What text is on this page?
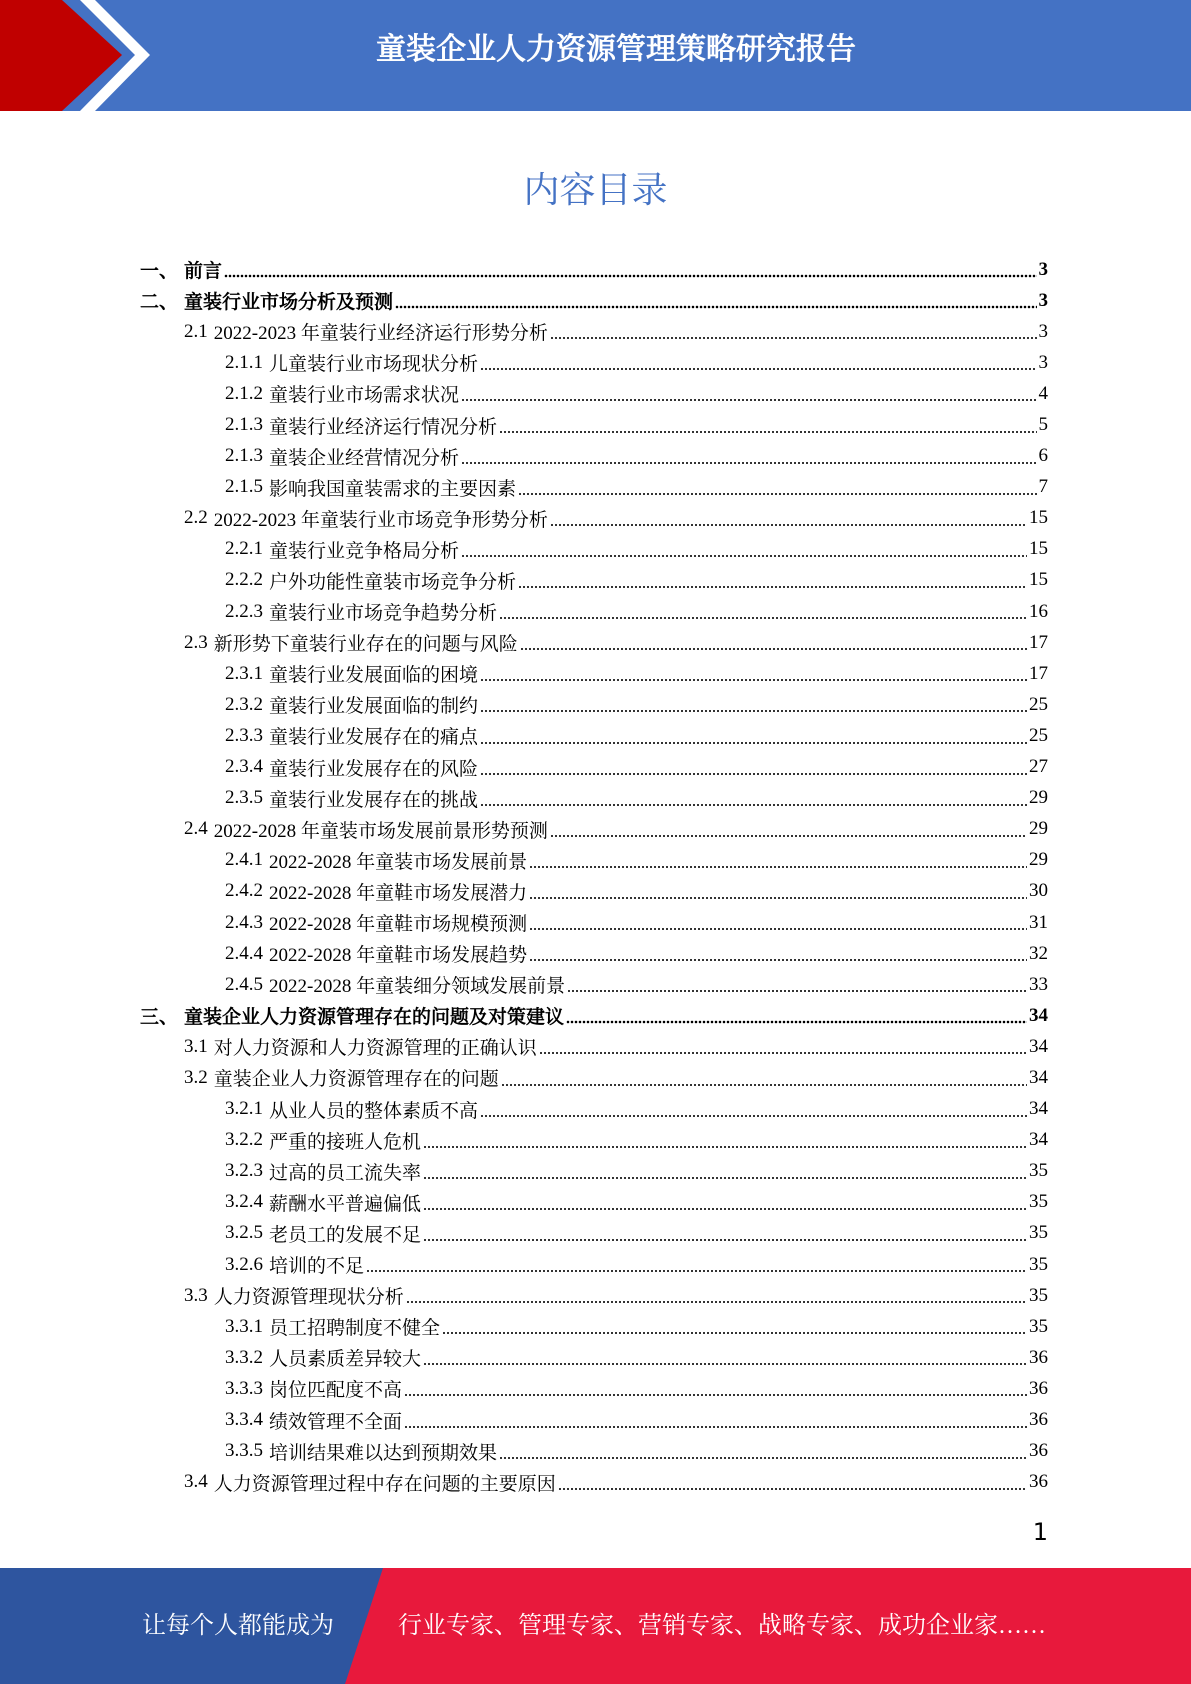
童装企业人力资源管理策略研究报告
内容目录
一、 前言	3
二、 童装行业市场分析及预测	3
2.1 2022-2023 年童装行业经济运行形势分析	3
2.1.1 儿童装行业市场现状分析	3
2.1.2 童装行业市场需求状况	4
2.1.3 童装行业经济运行情况分析	5
2.1.3 童装企业经营情况分析	6
2.1.5 影响我国童装需求的主要因素	7
2.2 2022-2023 年童装行业市场竞争形势分析	15
2.2.1 童装行业竞争格局分析	15
2.2.2 户外功能性童装市场竞争分析	15
2.2.3 童装行业市场竞争趋势分析	16
2.3 新形势下童装行业存在的问题与风险	17
2.3.1 童装行业发展面临的困境	17
2.3.2 童装行业发展面临的制约	25
2.3.3 童装行业发展存在的痛点	25
2.3.4 童装行业发展存在的风险	27
2.3.5 童装行业发展存在的挑战	29
2.4 2022-2028 年童装市场发展前景形势预测	29
2.4.1 2022-2028 年童装市场发展前景	29
2.4.2 2022-2028 年童鞋市场发展潜力	30
2.4.3 2022-2028 年童鞋市场规模预测	31
2.4.4 2022-2028 年童鞋市场发展趋势	32
2.4.5 2022-2028 年童装细分领域发展前景	33
三、 童装企业人力资源管理存在的问题及对策建议	34
3.1 对人力资源和人力资源管理的正确认识	34
3.2 童装企业人力资源管理存在的问题	34
3.2.1 从业人员的整体素质不高	34
3.2.2 严重的接班人危机	34
3.2.3 过高的员工流失率	35
3.2.4 薪酬水平普遍偏低	35
3.2.5 老员工的发展不足	35
3.2.6 培训的不足	35
3.3 人力资源管理现状分析	35
3.3.1 员工招聘制度不健全	35
3.3.2 人员素质差异较大	36
3.3.3 岗位匹配度不高	36
3.3.4 绩效管理不全面	36
3.3.5 培训结果难以达到预期效果	36
3.4 人力资源管理过程中存在问题的主要原因	36
1
让每个人都能成为	行业专家、管理专家、营销专家、战略专家、成功企业家……
